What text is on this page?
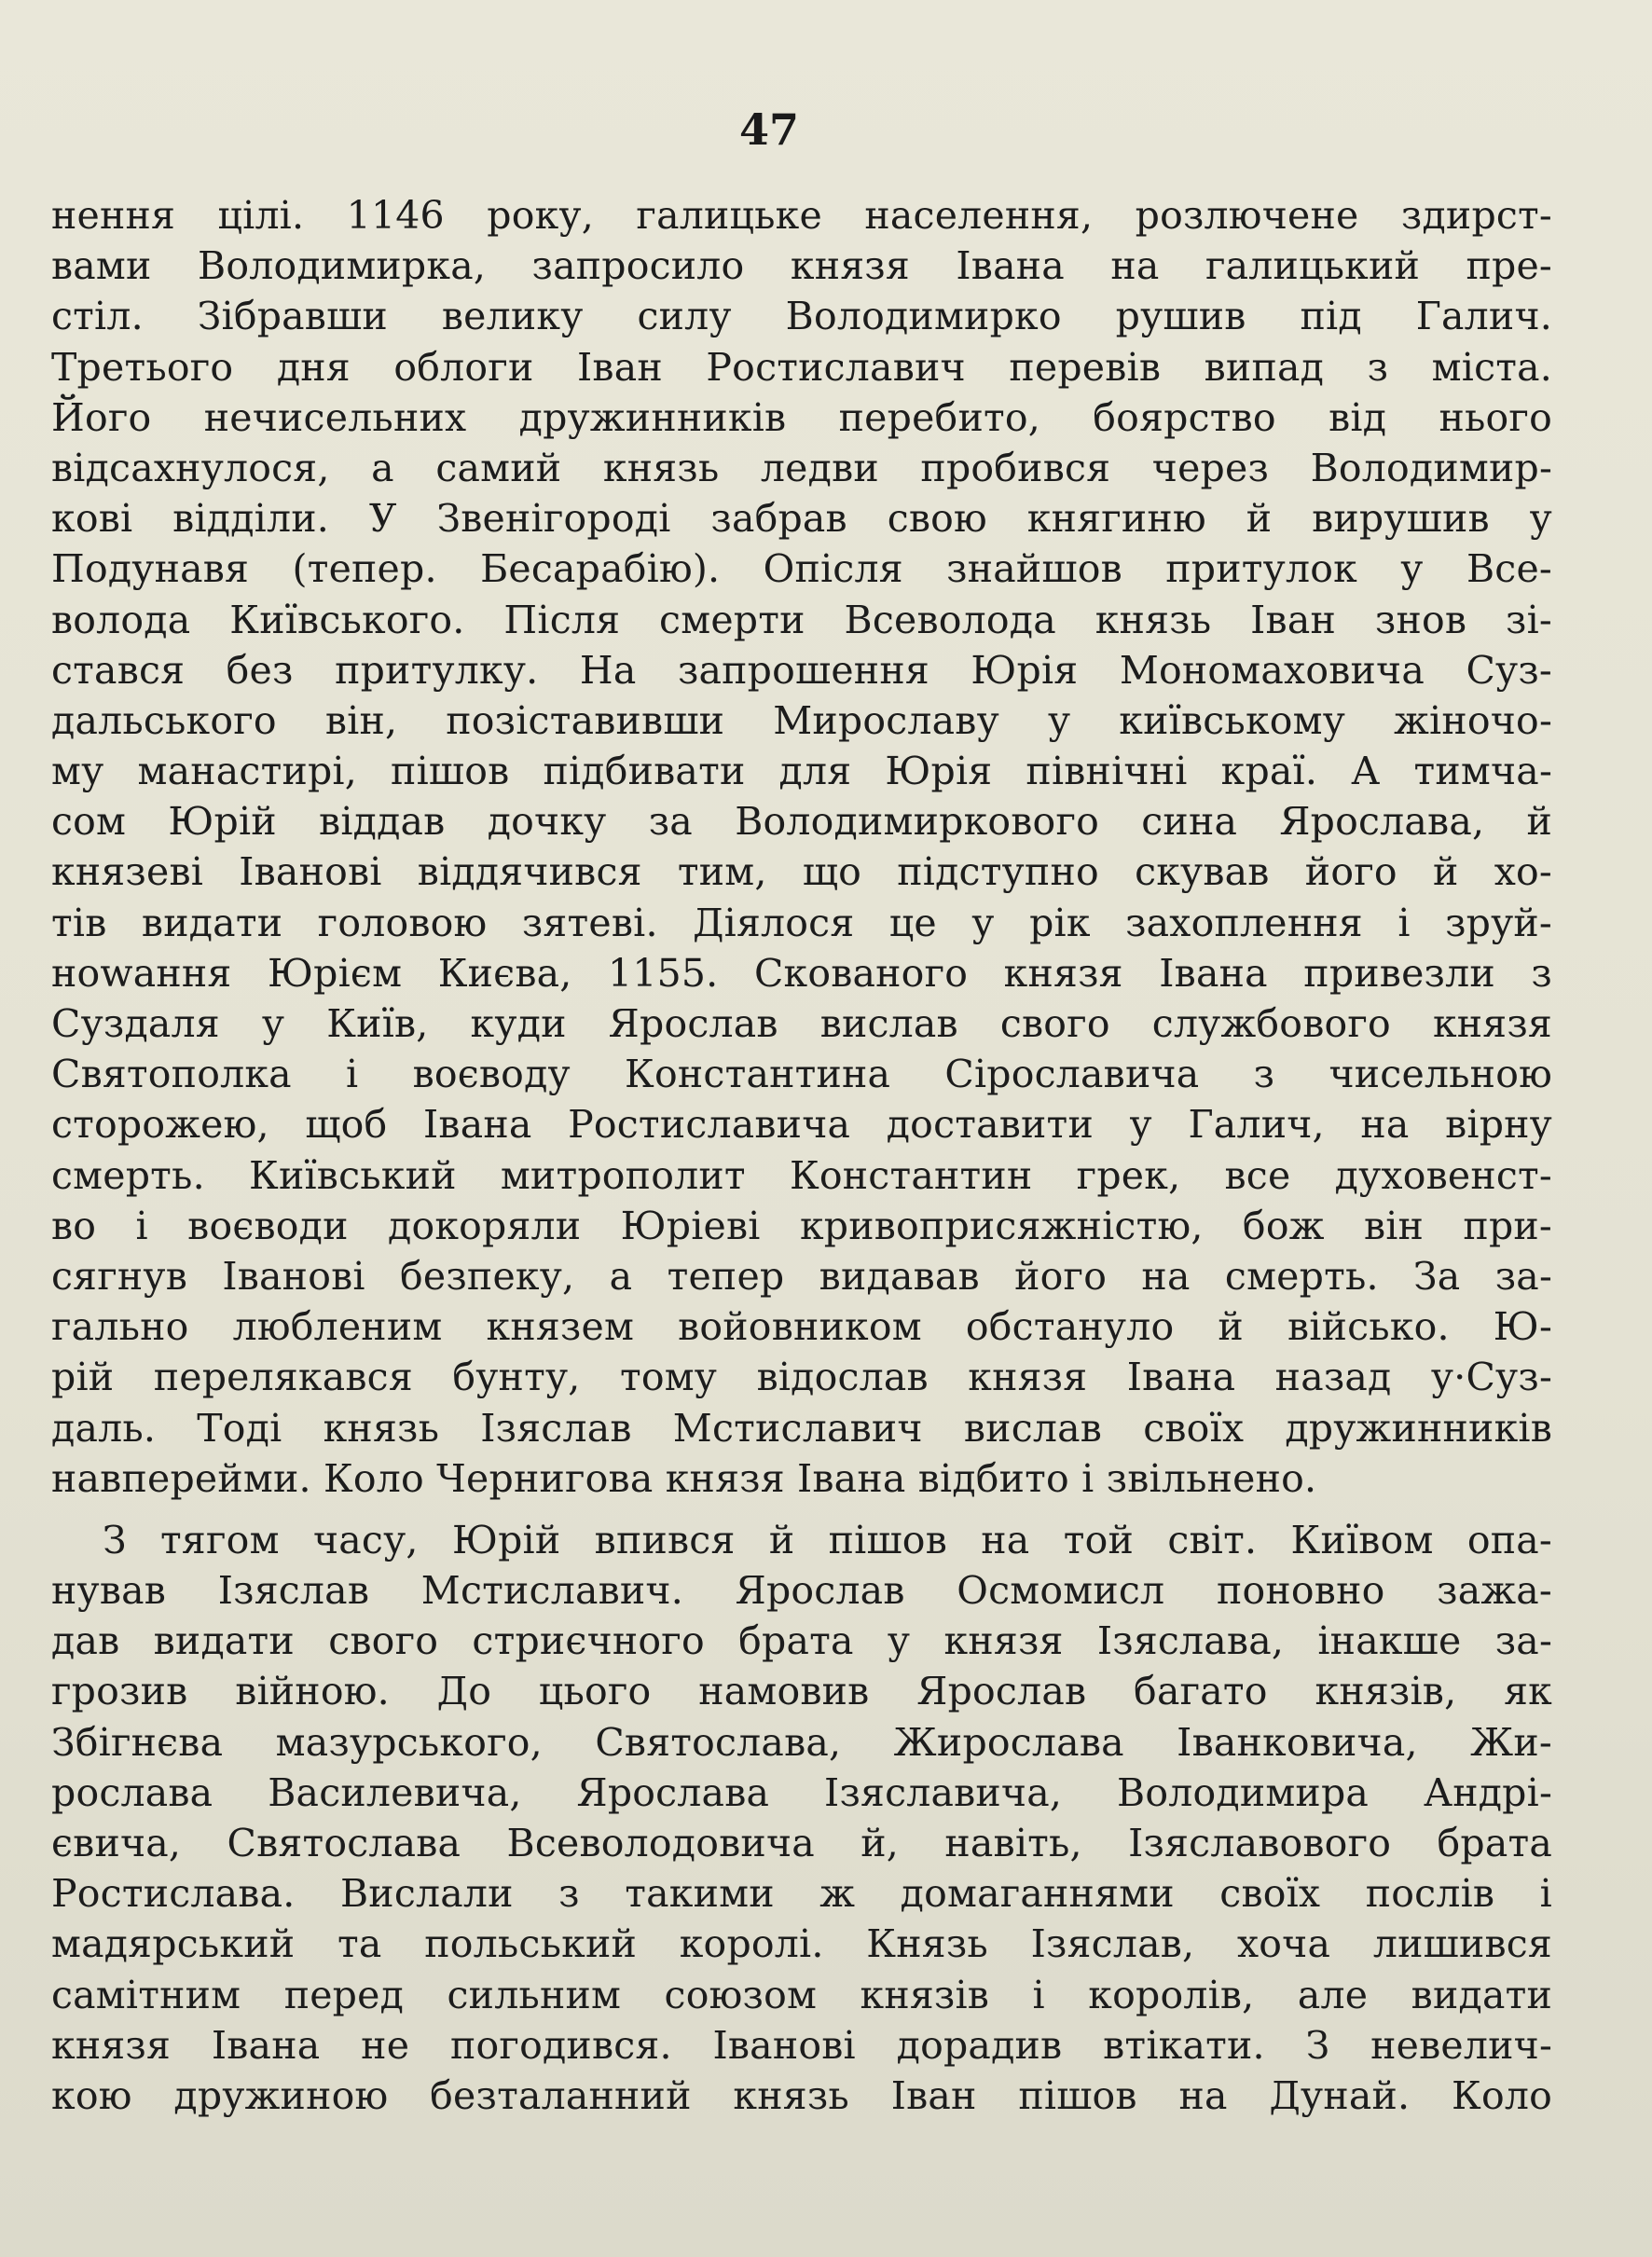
47
нення цілі. 1146 року, галицьке населення, розлючене здирст-
вами Володимирка, запросило князя Івана на галицький пре-
стіл. Зібравши велику силу Володимирко рушив під Галич.
Третього дня облоги Іван Ростиславич перевів випад з міста.
Його нечисельних дружинників перебито, боярство від нього
відсахнулося, а самий князь ледви пробився через Володимир-
кові відділи. У Звенігороді забрав свою княгиню й вирушив у
Подунавя (тепер. Бесарабію). Опісля знайшов притулок у Все-
волода Київського. Після смерти Всеволода князь Іван знов зі-
стався без притулку. На запрошення Юрія Мономаховича Суз-
дальського він, позіставивши Мирославу у київському жіночо-
му манастирі, пішов підбивати для Юрія північні краї. А тимча-
сом Юрій віддав дочку за Володимиркового сина Ярослава, й
князеві Іванові віддячився тим, що підступно скував його й хо-
тів видати головою зятеві. Діялося це у рік захоплення і зруй-
нowання Юрієм Києва, 1155. Скованого князя Івана привезли з
Суздаля у Київ, куди Ярослав вислав свого службового князя
Святополка і воєводу Константина Сірославича з чисельною
сторожею, щоб Івана Ростиславича доставити у Галич, на вірну
смерть. Київський митрополит Константин грек, все духовенст-
во і воєводи докоряли Юріеві кривоприсяжністю, бож він при-
сягнув Іванові безпеку, а тепер видавав його на смерть. За за-
гально любленим князем войовником обстануло й військо. Ю-
рій перелякався бунту, тому відослав князя Івана назад у·Суз-
даль. Тоді князь Ізяслав Мстиславич вислав своїх дружинників
навперейми. Коло Чернигова князя Івана відбито і звільнено.
З тягом часу, Юрій впився й пішов на той світ. Київом опа-
нував Ізяслав Мстиславич. Ярослав Осмомисл поновно зажа-
дав видати свого стриєчного брата у князя Ізяслава, інакше за-
грозив війною. До цього намовив Ярослав багато князів, як
Збігнєва мазурського, Святослава, Жирослава Іванковича, Жи-
рослава Василевича, Ярослава Ізяславича, Володимира Андрі-
євича, Святослава Всеволодовича й, навіть, Ізяславового брата
Ростислава. Вислали з такими ж домаганнями своїх послів і
мадярський та польський королі. Князь Ізяслав, хоча лишився
самітним перед сильним союзом князів і королів, але видати
князя Івана не погодився. Іванові дорадив втікати. З невелич-
кою дружиною безталанний князь Іван пішов на Дунай. Коло
